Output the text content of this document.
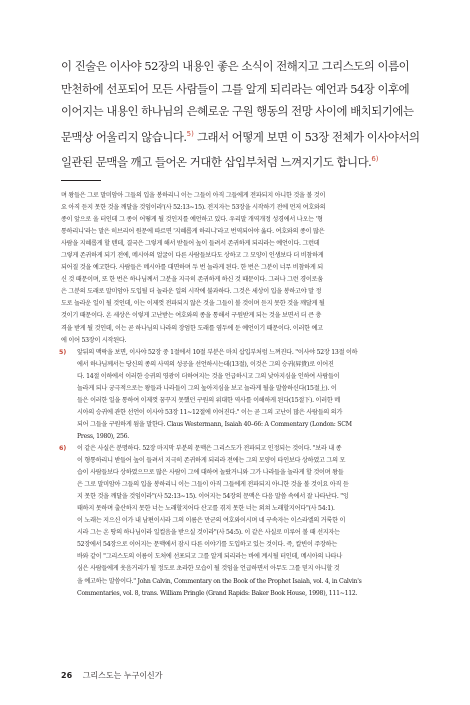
이 진술은 이사야 52장의 내용인 좋은 소식이 전해지고 그리스도의 이름이
만천하에 선포되어 모든 사람들이 그를 알게 되리라는 예언과 54장 이후에
이어지는 내용인 하나님의 은혜로운 구원 행동의 전망 사이에 배치되기에는
문맥상 어울리지 않습니다.$^{5)}$ 그래서 어떻게 보면 이 53장 전체가 이사야서의
일관된 문맥을 깨고 들어온 거대한 삽입부처럼 느껴지기도 합니다.$^{6)}$
며 왕들은 그로 말미암아 그들의 입을 봉하리니 이는 그들이 아직 그들에게 전파되지 아니한 것을 볼 것이
요 아직 듣지 못한 것을 깨달을 것임이라'(사 52:13~15). 전지자는 53장을 시작하기 전에 먼저 여호와의
종이 앞으로 올 터인데 그 종이 어떻게 될 것인지를 예언하고 있다. 우리말 개역개정 성경에서 나오는 '형
통하리니'라는 말은 히브리어 원문에 따르면 '지혜롭게 하리니'라고 번역되어야 옳다. 여호와의 종이 많은
사람을 지혜롭게 할 텐데, 결국은 그렇게 해서 받들어 높이 들려서 존귀하게 되리라는 예언이다. 그런데
그렇게 존귀하게 되기 전에, 메시아의 얼굴이 다른 사람들보다도 상하고 그 모양이 인생보다 더 비참하게
되어질 것을 예고한다. 사람들은 메시아를 대면하며 두 번 놀라게 된다. 한 번은 그분이 너무 비참하게 되
신 것 때문이며, 또 한 번은 하나님께서 그분을 지극히 존귀하게 하신 것 때문이다. 그러나 그런 경이로움
은 그분의 도래로 말미암아 도입될 더 놀라운 일의 시작에 불과하다. 그것은 세상이 입을 봉하고야 말 정
도로 놀라운 일이 될 것인데, 이는 이제껏 전파되지 않은 것을 그들이 볼 것이며 듣지 못한 것을 깨달게 될
것이기 때문이다. 온 세상은 이렇게 고난받는 여호와의 종을 통해서 구원받게 되는 것을 보면서 더 큰 충
격을 받게 될 것인데, 이는 곧 하나님의 나라의 장엄한 도래를 염두에 둔 예언이기 때문이다. 이러한 예고
에 이어 53장이 시작된다.
5)	앞뒤의 맥락을 보면, 이사야 52장 중 1절에서 10절 부분은 마치 삽입부처럼 느껴진다. "이사야 52장 13절 이하
에서 하나님께서는 당신의 종의 사역의 성공을 선언하시는데(13절), 이것은 그의 승귀(昇貴)로 이어진
다. 14절 이하에서 이러한 승귀의 영광이 더하여지는 것을 언급하시고 그의 낮아지심을 인하여 사람들이
놀라게 되나 궁극적으로는 왕들과 나라들이 그의 높아지심을 보고 놀라게 될을 말씀하신다(15절上). 이
들은 이러한 일을 통하여 이제껏 꿈꾸지 못했던 구원의 위대한 역사를 이해하게 된다(15절下). 이러한 메
시아의 승귀에 관한 선언이 이사야 53장 11~12절에 이어진다." 이는 곧 그의 고난이 많은 사람들의 의가
되어 그들을 구원하게 됨을 말한다. Claus Westermann, Isaiah 40–66: A Commentary (London: SCM
Press, 1980), 256.
6)	이 같은 사실은 분명하다. 52장 마지막 부분의 문맥은 그리스도가 전파되고 인정되는 것이다. "보라 내 종
이 형통하리니 받들어 높이 들려서 지극히 존귀하게 되리라 전에는 그의 모양이 타인보다 상하였고 그의 모
습이 사람들보다 상하였으므로 많은 사람이 그에 대하여 놀랐거니와 그가 나라들을 놀라게 할 것이며 왕들
은 그로 말미암아 그들의 입을 봉하리니 이는 그들이 아직 그들에게 전파되지 아니한 것을 볼 것이요 아직 듣
지 못한 것을 깨달을 것임이라"(사 52:13~15). 이어지는 54장의 문맥은 다음 말씀 속에서 잘 나타난다. "잉
태하지 못하며 출산하지 못한 너는 노래할지어다 산고를 겪지 못한 너는 외쳐 노래할지어다"(사 54:1).
이 노래는 지으신 이가 내 남편이시라 그의 이름은 만군의 여호와이시며 네 구속자는 이스라엘의 거룩한 이
시라 그는 온 땅의 하나님이라 일컬음을 받으실 것이라"(사 54:5). 이 같은 사실로 미루어 볼 때 선지자는
52장에서 54장으로 이어지는 문맥에서 잠시 다른 이야기를 도입하고 있는 것이다. 즉, 칼빈이 주장하는
바와 같이 "그리스도의 이름이 도처에 선포되고 그를 알게 되리라는 바에 계시될 터인데, 메시아의 나타나
심은 사람들에게 웃음거리가 될 정도로 초라한 모습이 될 것임을 언급하면서 아무도 그를 믿지 아니할 것
을 예고하는 말씀이다." John Calvin, Commentary on the Book of the Prophet Isaiah, vol. 4, in Calvin's
Commentaries, vol. 8, trans. William Pringle (Grand Rapids: Baker Book House, 1998), 111~112.
26 그리스도는 누구이신가
